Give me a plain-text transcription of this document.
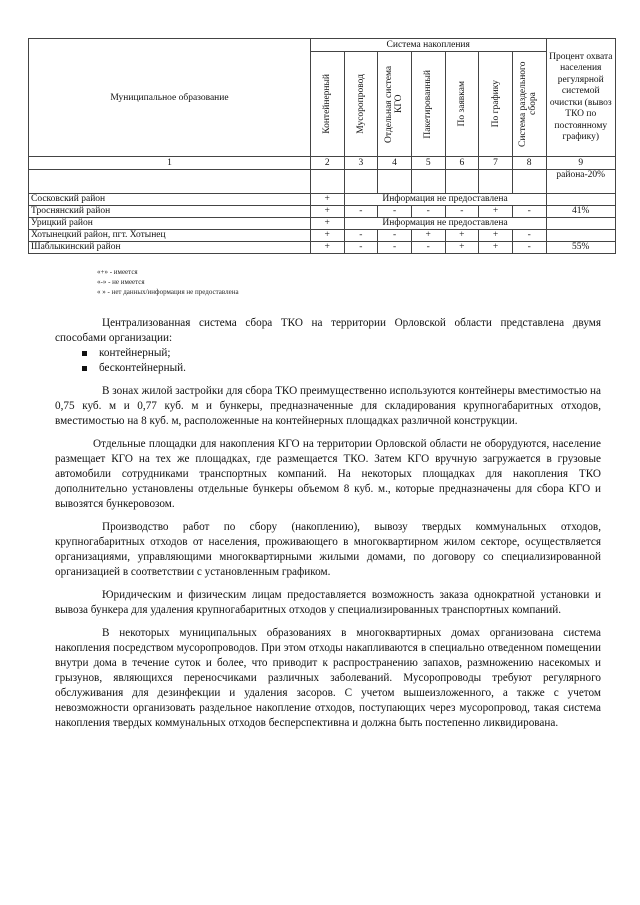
Муниципальное образование	Система накопления							Процент охвата населения регулярной системой очистки (вывоз ТКО по постоянному графику)

	Контейнерный	Мусоропровод	Отдельная система КГО	Пакетированный	По заявкам	По графику	Система раздельного сбора	

1	2	3	4	5	6	7	8	9
								района-20%
Сосковский район	+	Информация не предоставлена						
Троснянский район	+	-	-	-	-	+	-	41%
Урицкий район	+	Информация не предоставлена						
Хотынецкий район, пгт. Хотынец	+	-	-	+	+	+	-	
Шаблыкинский район	+	-	-	-	+	+	-	55%
«+» - имеется
«-» - не имеется
« » - нет данных/информация не предоставлена

Централизованная система сбора ТКО на территории Орловской области представлена двумя способами организации:

контейнерный;
бесконтейнерный.

В зонах жилой застройки для сбора ТКО преимущественно используются контейнеры вместимостью на 0,75 куб. м и 0,77 куб. м и бункеры, предназначенные для складирования крупногабаритных отходов, вместимостью на 8 куб. м, расположенные на контейнерных площадках различной конструкции.

Отдельные площадки для накопления КГО на территории Орловской области не оборудуются, население размещает КГО на тех же площадках, где размещается ТКО. Затем КГО вручную загружается в грузовые автомобили сотрудниками транспортных компаний. На некоторых площадках для накопления ТКО дополнительно установлены отдельные бункеры объемом 8 куб. м., которые предназначены для сбора КГО и вывозятся бункеровозом.

Производство работ по сбору (накоплению), вывозу твердых коммунальных отходов, крупногабаритных отходов от населения, проживающего в многоквартирном жилом секторе, осуществляется организациями, управляющими многоквартирными жилыми домами, по договору со специализированной организацией в соответствии с установленным графиком.

Юридическим и физическим лицам предоставляется возможность заказа однократной установки и вывоза бункера для удаления крупногабаритных отходов у специализированных транспортных компаний.

В некоторых муниципальных образованиях в многоквартирных домах организована система накопления посредством мусоропроводов. При этом отходы накапливаются в специально отведенном помещении внутри дома в течение суток и более, что приводит к распространению запахов, размножению насекомых и грызунов, являющихся переносчиками различных заболеваний. Мусоропроводы требуют регулярного обслуживания для дезинфекции и удаления засоров. С учетом вышеизложенного, а также с учетом невозможности организовать раздельное накопление отходов, поступающих через мусоропровод, такая система накопления твердых коммунальных отходов бесперспективна и должна быть постепенно ликвидирована.
